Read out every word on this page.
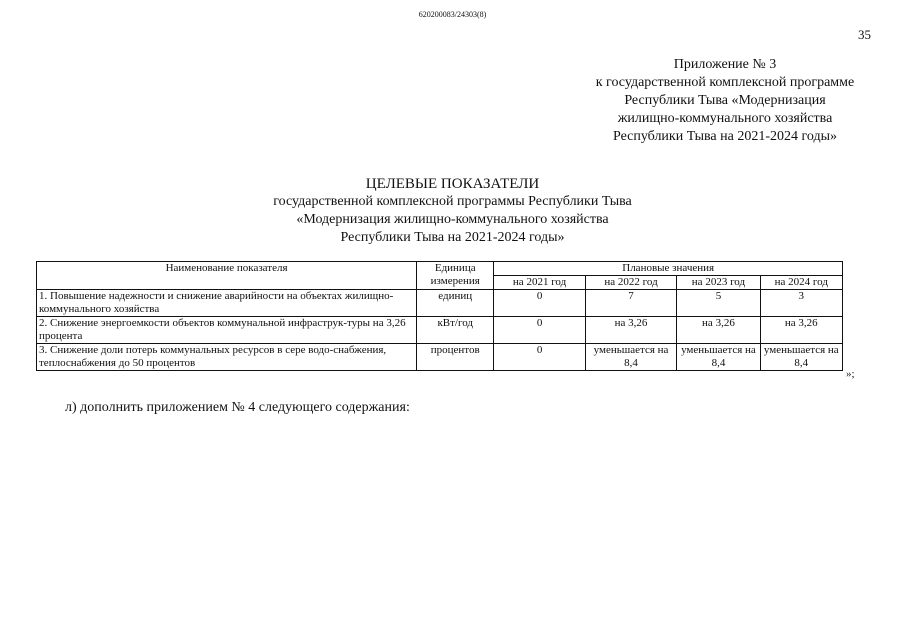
620200083/24303(8)
35
Приложение № 3
к государственной комплексной программе
Республики Тыва «Модернизация
жилищно-коммунального хозяйства
Республики Тыва на 2021-2024 годы»
ЦЕЛЕВЫЕ ПОКАЗАТЕЛИ
государственной комплексной программы Республики Тыва
«Модернизация жилищно-коммунального хозяйства
Республики Тыва на 2021-2024 годы»
Наименование показателя	Единица измерения	Плановые значения			
		на 2021 год	на 2022 год	на 2023 год	на 2024 год
1. Повышение надежности и снижение аварийности на объектах жилищно-коммунального хозяйства	единиц	0	7	5	3
2. Снижение энергоемкости объектов коммунальной инфраструк-туры на 3,26 процента	кВт/год	0	на 3,26	на 3,26	на 3,26
3. Снижение доли потерь коммунальных ресурсов в сере водо-снабжения, теплоснабжения до 50 процентов	процентов	0	уменьшается на 8,4	уменьшается на 8,4	уменьшается на 8,4
»;
л) дополнить приложением № 4 следующего содержания:
